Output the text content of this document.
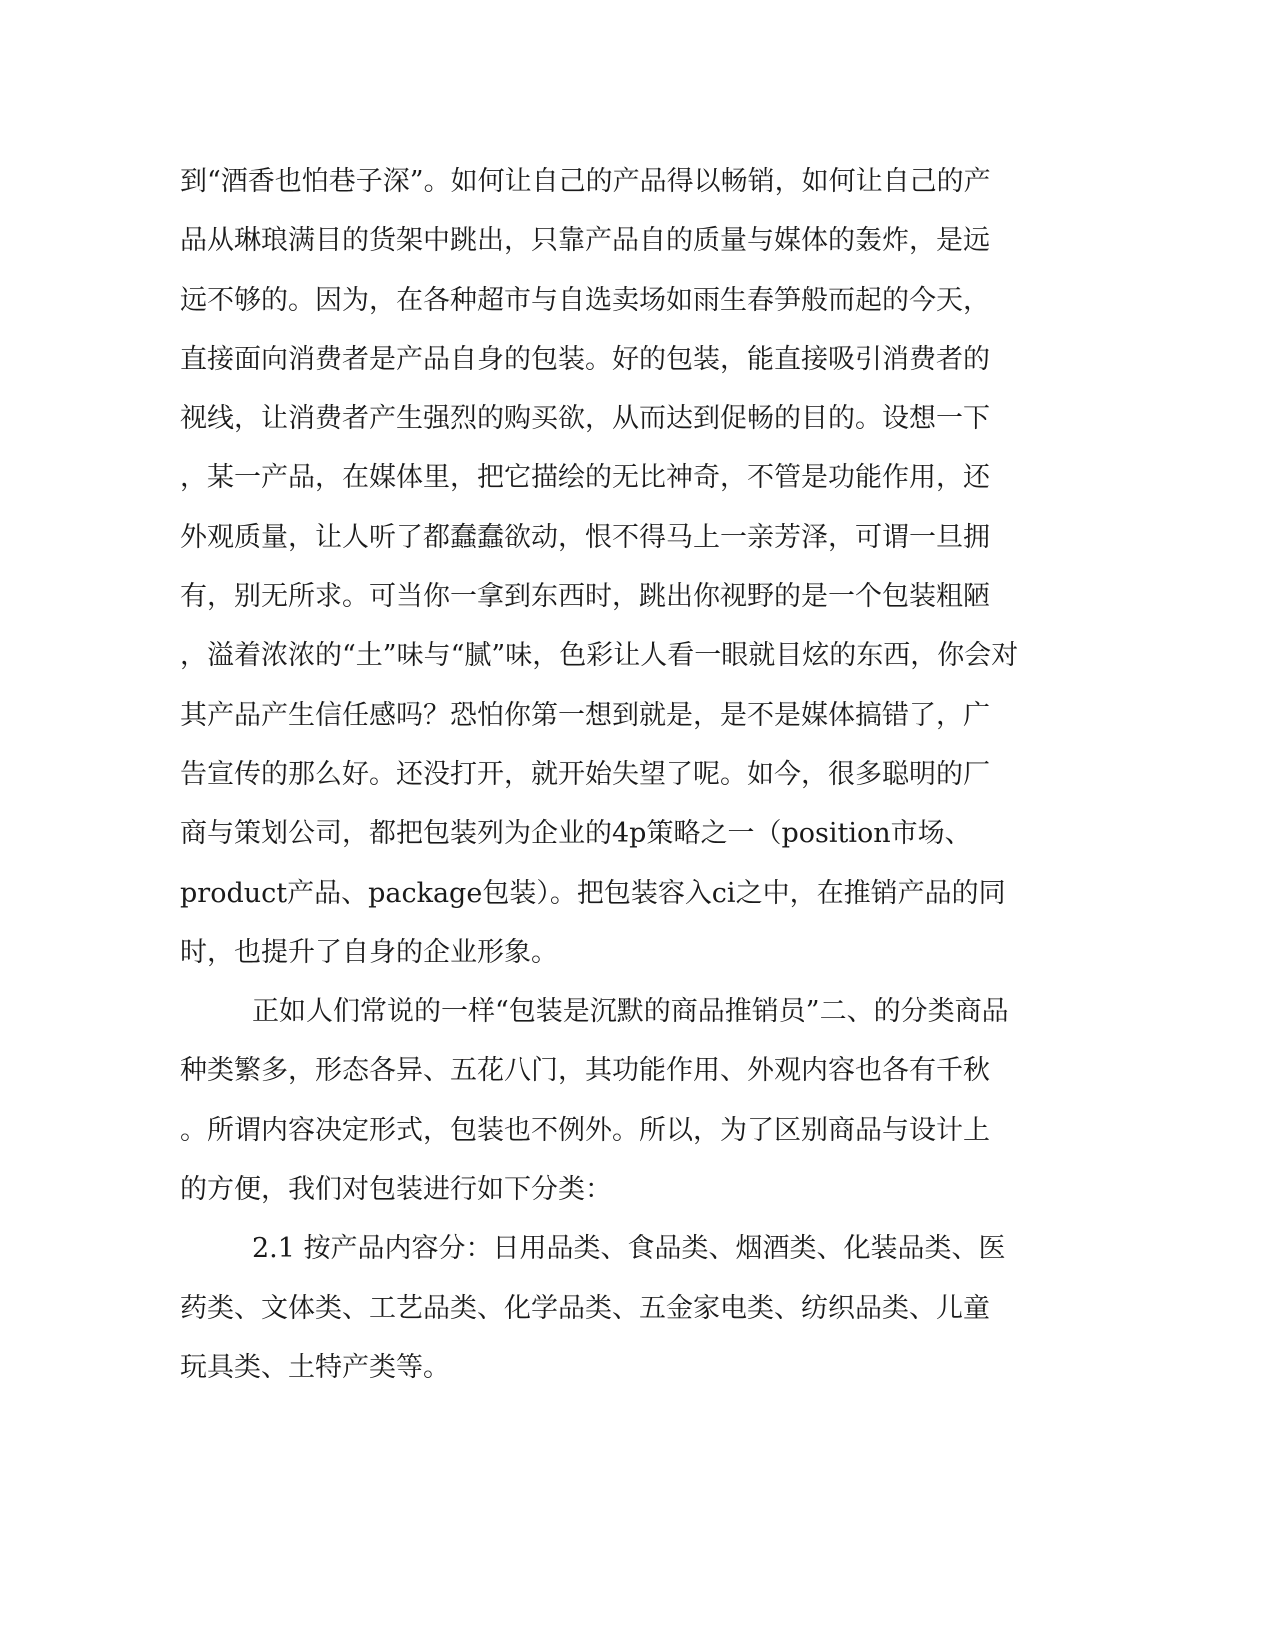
到“酒香也怕巷子深”。如何让自己的产品得以畅销，如何让自己的产
品从琳琅满目的货架中跳出，只靠产品自的质量与媒体的轰炸，是远
远不够的。因为，在各种超市与自选卖场如雨生春笋般而起的今天，
直接面向消费者是产品自身的包装。好的包装，能直接吸引消费者的
视线，让消费者产生强烈的购买欲，从而达到促畅的目的。设想一下
，某一产品，在媒体里，把它描绘的无比神奇，不管是功能作用，还
外观质量，让人听了都蠢蠢欲动，恨不得马上一亲芳泽，可谓一旦拥
有，别无所求。可当你一拿到东西时，跳出你视野的是一个包装粗陋
，溢着浓浓的“土”味与“腻”味，色彩让人看一眼就目炫的东西，你会对
其产品产生信任感吗？恐怕你第一想到就是，是不是媒体搞错了，广
告宣传的那么好。还没打开，就开始失望了呢。如今，很多聪明的厂
商与策划公司，都把包装列为企业的4p策略之一（position市场、
product产品、package包装）。把包装容入ci之中，在推销产品的同
时，也提升了自身的企业形象。
正如人们常说的一样“包装是沉默的商品推销员”二、的分类商品
种类繁多，形态各异、五花八门，其功能作用、外观内容也各有千秋
。所谓内容决定形式，包装也不例外。所以，为了区别商品与设计上
的方便，我们对包装进行如下分类：
2.1 按产品内容分：日用品类、食品类、烟酒类、化装品类、医
药类、文体类、工艺品类、化学品类、五金家电类、纺织品类、儿童
玩具类、土特产类等。
